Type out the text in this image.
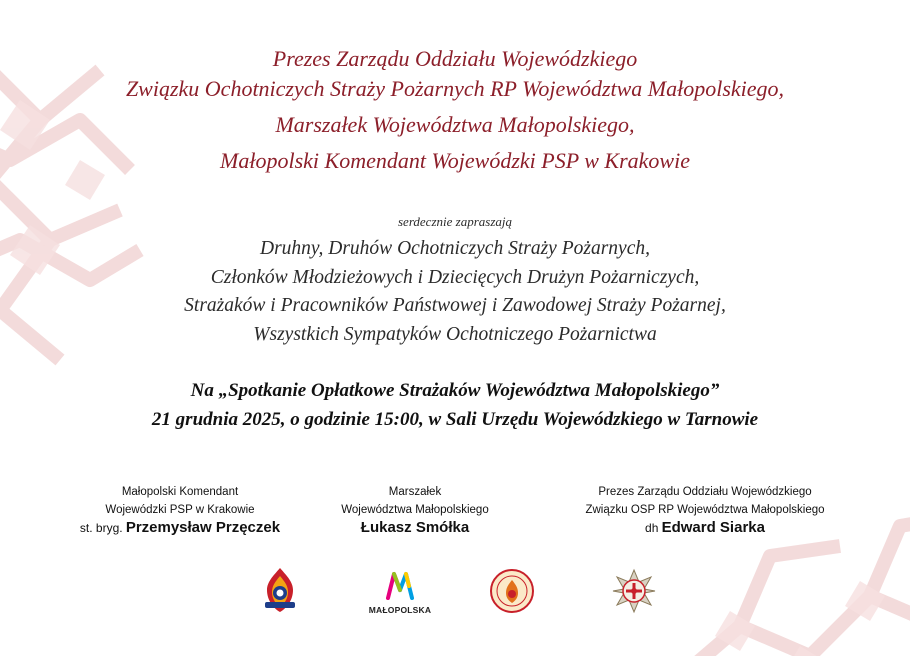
Prezes Zarządu Oddziału Wojewódzkiego
Związku Ochotniczych Straży Pożarnych RP Województwa Małopolskiego,
Marszałek Województwa Małopolskiego,
Małopolski Komendant Wojewódzki PSP w Krakowie
serdecznie zapraszają
Druhny, Druhów Ochotniczych Straży Pożarnych,
Członków Młodzieżowych i Dziecięcych Drużyn Pożarniczych,
Strażaków i Pracowników Państwowej i Zawodowej Straży Pożarnej,
Wszystkich Sympatyków Ochotniczego Pożarnictwa
Na „Spotkanie Opłatkowe Strażaków Województwa Małopolskiego”
21 grudnia 2025, o godzinie 15:00, w Sali Urzędu Wojewódzkiego w Tarnowie
Małopolski Komendant
Wojewódzki PSP w Krakowie
st. bryg. Przemysław Przęczek
Marszałek
Województwa Małopolskiego
Łukasz Smółka
Prezes Zarządu Oddziału Wojewódzkiego
Związku OSP RP Województwa Małopolskiego
dh Edward Siarka
MAŁOPOLSKA
